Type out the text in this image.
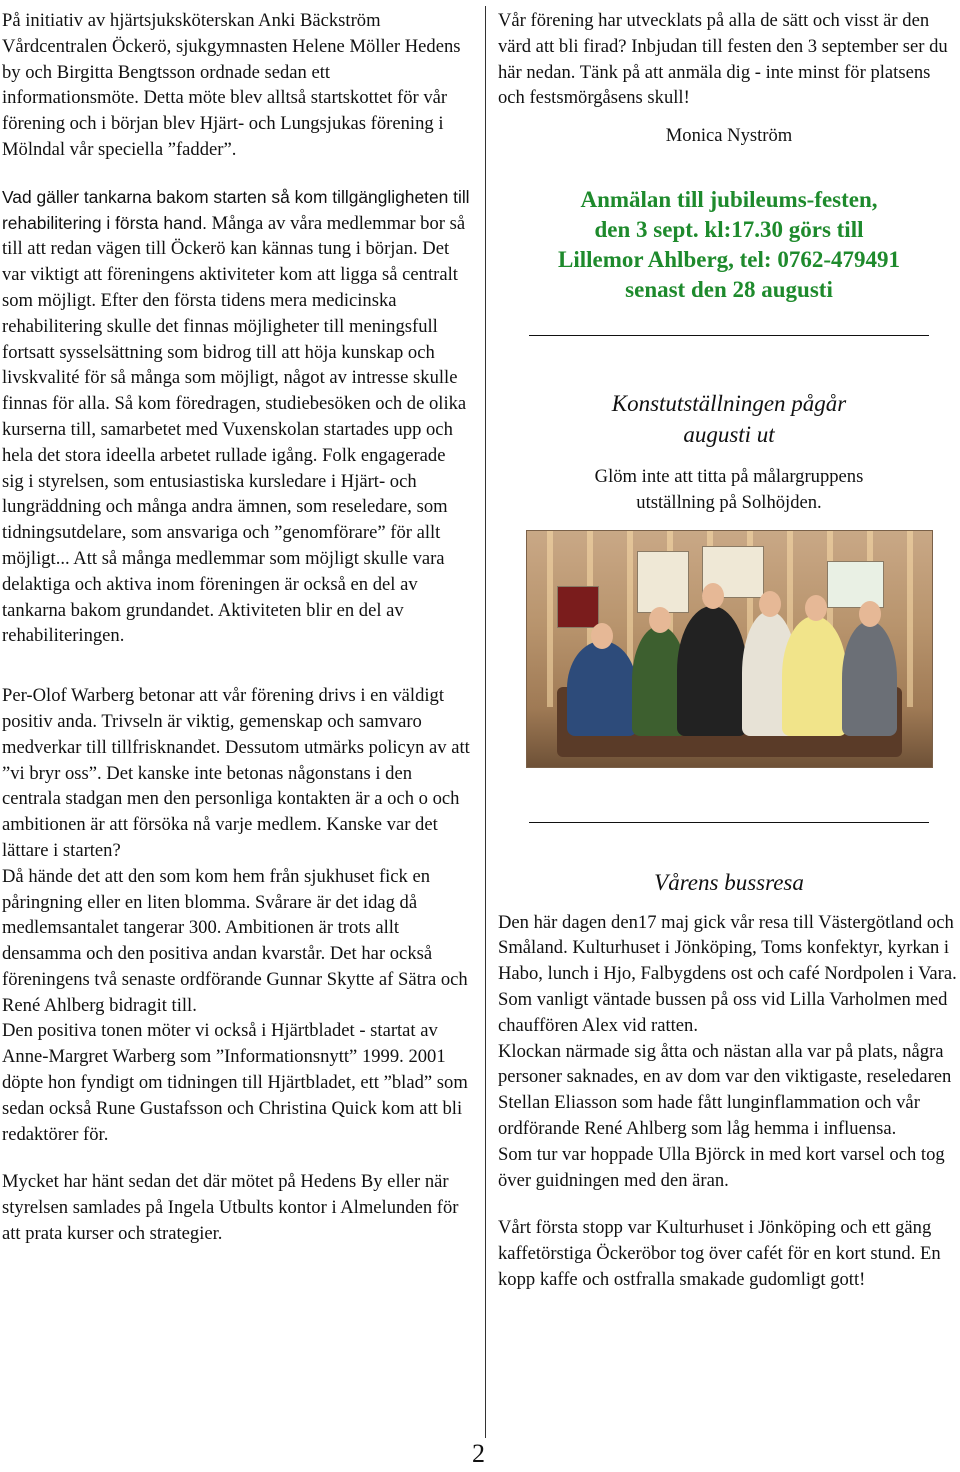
På initiativ av hjärtsjuksköterskan Anki Bäckström Vårdcentralen Öckerö, sjukgymnasten Helene Möller Hedens by och Birgitta Bengtsson ordnade sedan ett informationsmöte. Detta möte blev alltså startskottet för vår förening och i början blev Hjärt- och Lungsjukas förening i Mölndal vår speciella ”fadder”.

Vad gäller tankarna bakom starten så kom tillgängligheten till rehabilitering i första hand. Många av våra medlemmar bor så till att redan vägen till Öckerö kan kännas tung i början. Det var viktigt att föreningens aktiviteter kom att ligga så centralt som möjligt. Efter den första tidens mera medicinska rehabilitering skulle det finnas möjligheter till meningsfull fortsatt sysselsättning som bidrog till att höja kunskap och livskvalité för så många som möjligt, något av intresse skulle finnas för alla. Så kom föredragen, studiebesöken och de olika kurserna till, samarbetet med Vuxenskolan startades upp och hela det stora ideella arbetet rullade igång. Folk engagerade sig i styrelsen, som entusiastiska kursledare i Hjärt- och lungräddning och många andra ämnen, som reseledare, som tidningsutdelare, som ansvariga och ”genomförare” för allt möjligt... Att så många medlemmar som möjligt skulle vara delaktiga och aktiva inom föreningen är också en del av tankarna bakom grundandet. Aktiviteten blir en del av rehabiliteringen.

Per-Olof Warberg betonar att vår förening drivs i en väldigt positiv anda. Trivseln är viktig, gemenskap och samvaro medverkar till tillfrisknandet. Dessutom utmärks policyn av att ”vi bryr oss”. Det kanske inte betonas någonstans i den centrala stadgan men den personliga kontakten är a och o och ambitionen är att försöka nå varje medlem. Kanske var det lättare i starten?

Då hände det att den som kom hem från sjukhuset fick en påringning eller en liten blomma. Svårare är det idag då medlemsantalet tangerar 300. Ambitionen är trots allt densamma och den positiva andan kvarstår. Det har också föreningens två senaste ordförande Gunnar Skytte af Sätra och René Ahlberg bidragit till.

Den positiva tonen möter vi också i Hjärtbladet - startat av Anne-Margret Warberg som ”Informationsnytt” 1999. 2001 döpte hon fyndigt om tidningen till Hjärtbladet, ett ”blad” som sedan också Rune Gustafsson och Christina Quick kom att bli redaktörer för.

Mycket har hänt sedan det där mötet på Hedens By eller när styrelsen samlades på Ingela Utbults kontor i Almelunden för att prata kurser och strategier.

Vår förening har utvecklats på alla de sätt och visst är den värd att bli firad? Inbjudan till festen den 3 september ser du här nedan. Tänk på att anmäla dig - inte minst för platsens och festsmörgåsens skull!

Monica Nyström

Anmälan till jubileums-festen,
den 3 sept. kl:17.30 görs till
Lillemor Ahlberg, tel: 0762-479491
senast den 28 augusti
Konstutställningen pågår
augusti ut

Glöm inte att titta på målargruppens

utställning på Solhöjden.

Vårens bussresa

Den här dagen den17 maj gick vår resa till Västergötland och Småland. Kulturhuset i Jönköping, Toms konfektyr, kyrkan i Habo, lunch i Hjo, Falbygdens ost och café Nordpolen i Vara.

Som vanligt väntade bussen på oss vid Lilla Varholmen med chauffören Alex vid ratten.

Klockan närmade sig åtta och nästan alla var på plats, några personer saknades, en av dom var den viktigaste, reseledaren Stellan Eliasson som hade fått lunginflammation och vår ordförande René Ahlberg som låg hemma i influensa.

Som tur var hoppade Ulla Björck in med kort varsel och tog över guidningen med den äran.

Vårt första stopp var Kulturhuset i Jönköping och ett gäng kaffetörstiga Öckeröbor tog över cafét för en kort stund. En kopp kaffe och ostfralla smakade gudomligt gott!

2
